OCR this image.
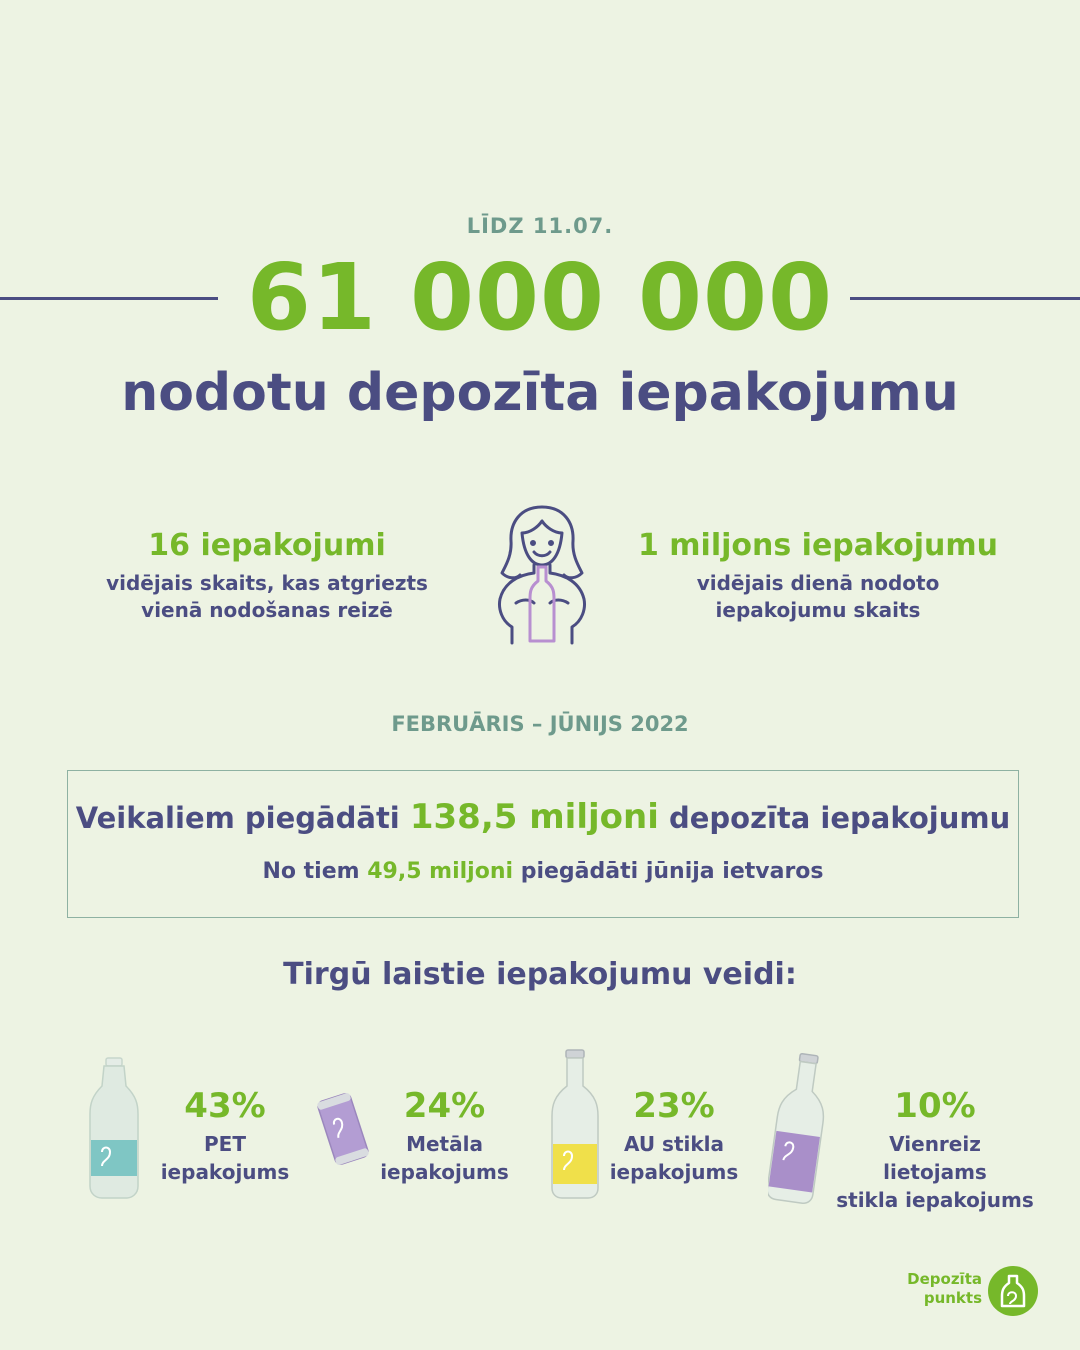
LĪDZ 11.07.
61 000 000
nodotu depozīta iepakojumu
16 iepakojumi
vidējais skaits, kas atgriezts
vienā nodošanas reizē
1 miljons iepakojumu
vidējais dienā nodoto
iepakojumu skaits
FEBRUĀRIS – JŪNIJS 2022
Veikaliem piegādāti 138,5 miljoni depozīta iepakojumu
No tiem 49,5 miljoni piegādāti jūnija ietvaros
Tirgū laistie iepakojumu veidi:
43%
PET
iepakojums
24%
Metāla
iepakojums
23%
AU stikla
iepakojums
10%
Vienreiz lietojams
stikla iepakojums
Depozīta
punkts
